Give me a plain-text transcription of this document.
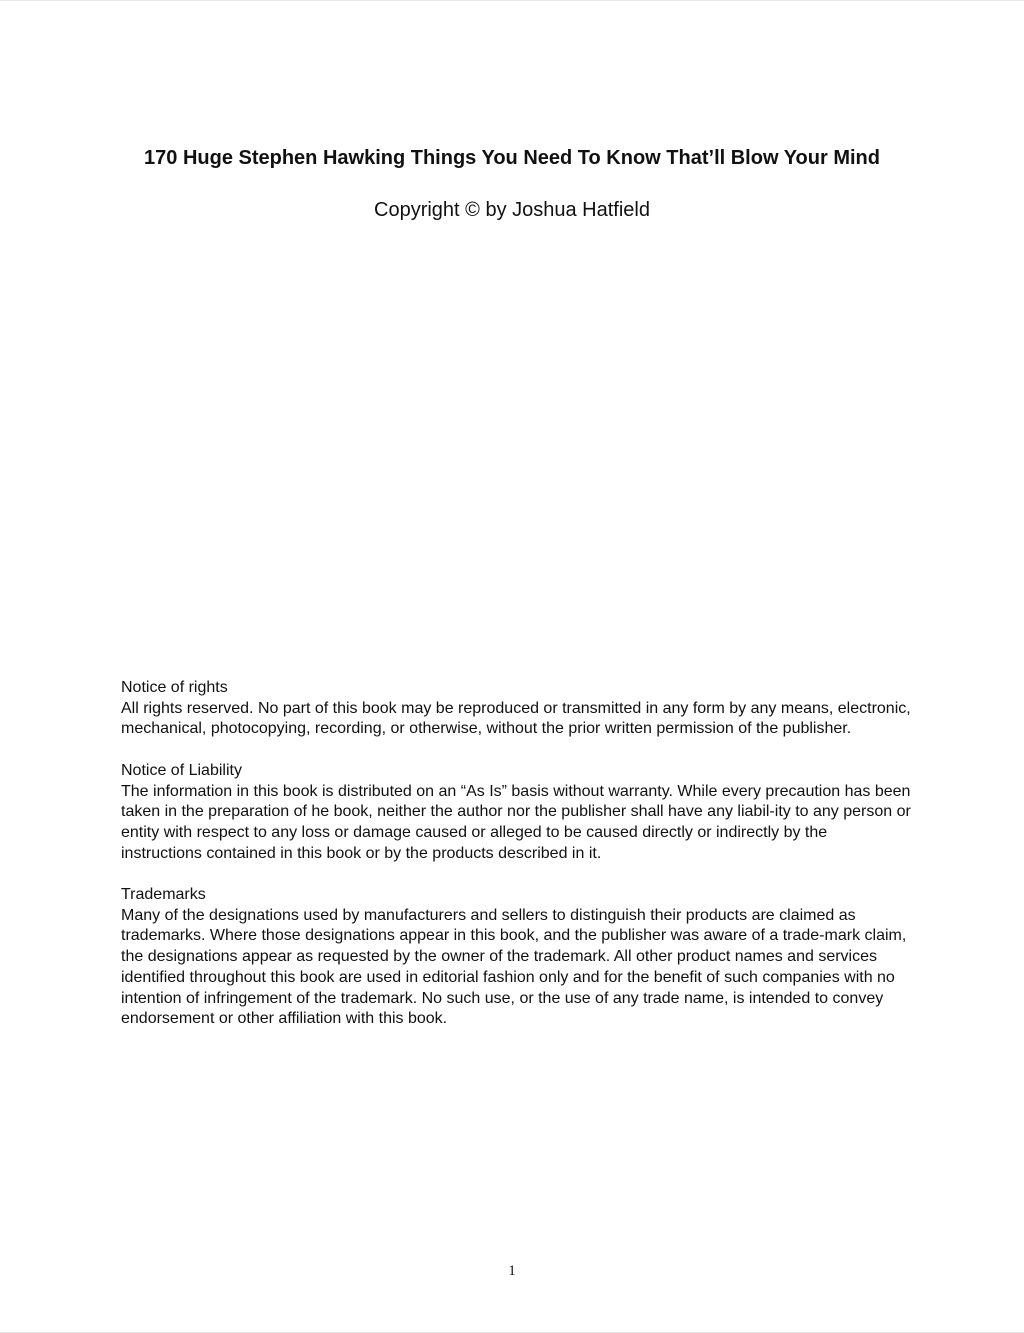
170 Huge Stephen Hawking Things You Need To Know That’ll Blow Your Mind

Copyright © by Joshua Hatfield

Notice of rights

All rights reserved. No part of this book may be reproduced or transmitted in any form by any means, electronic, mechanical, photocopying, recording, or otherwise, without the prior written permission of the publisher.

Notice of Liability

The information in this book is distributed on an “As Is” basis without warranty. While every precaution has been taken in the preparation of he book, neither the author nor the publisher shall have any liabil-ity to any person or entity with respect to any loss or damage caused or alleged to be caused directly or indirectly by the instructions contained in this book or by the products described in it.

Trademarks

Many of the designations used by manufacturers and sellers to distinguish their products are claimed as trademarks. Where those designations appear in this book, and the publisher was aware of a trade-mark claim, the designations appear as requested by the owner of the trademark. All other product names and services identified throughout this book are used in editorial fashion only and for the benefit of such companies with no intention of infringement of the trademark. No such use, or the use of any trade name, is intended to convey endorsement or other affiliation with this book.

1
